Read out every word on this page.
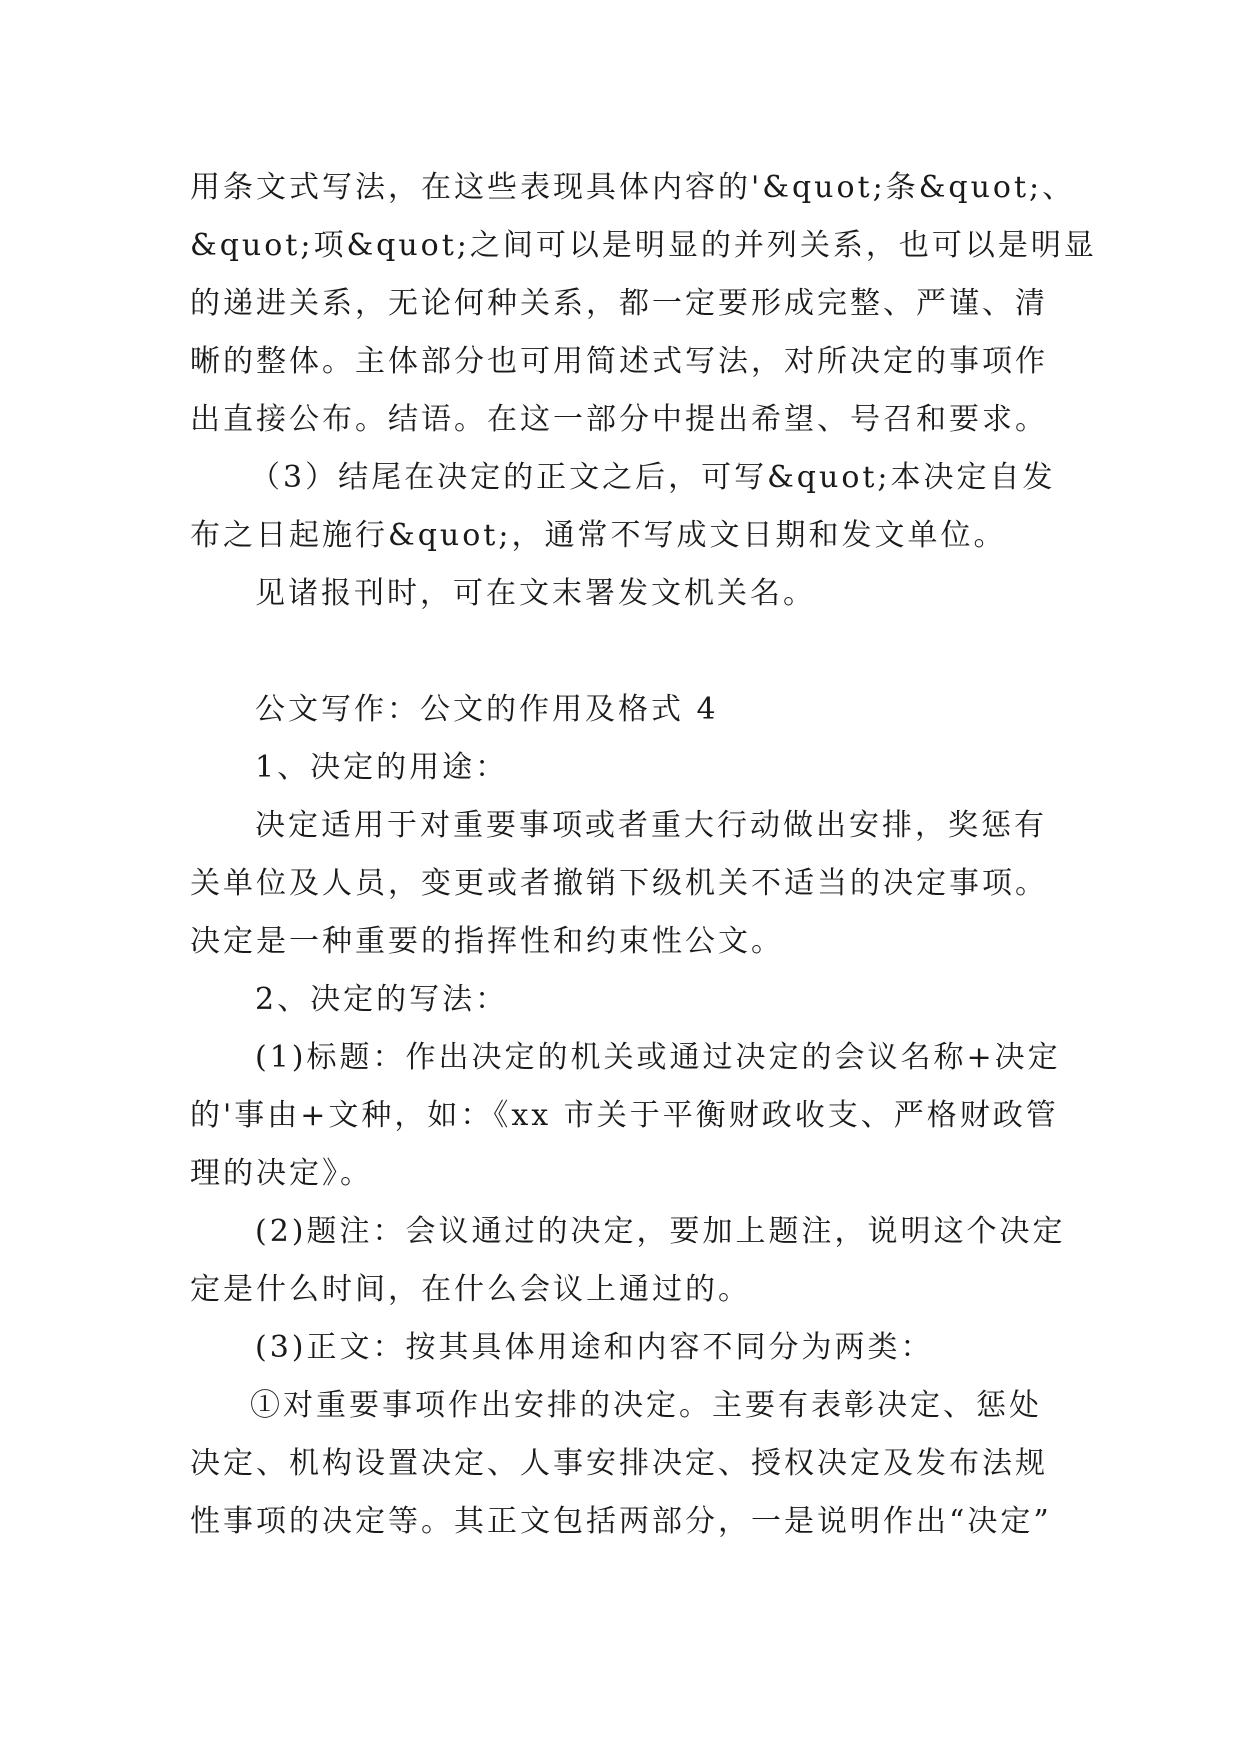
用条文式写法，在这些表现具体内容的'&quot;条&quot;、
&quot;项&quot;之间可以是明显的并列关系，也可以是明显
的递进关系，无论何种关系，都一定要形成完整、严谨、清
晰的整体。主体部分也可用简述式写法，对所决定的事项作
出直接公布。结语。在这一部分中提出希望、号召和要求。
（3）结尾在决定的正文之后，可写&quot;本决定自发
布之日起施行&quot;，通常不写成文日期和发文单位。
见诸报刊时，可在文末署发文机关名。
公文写作：公文的作用及格式 4
1、决定的用途：
决定适用于对重要事项或者重大行动做出安排，奖惩有
关单位及人员，变更或者撤销下级机关不适当的决定事项。
决定是一种重要的指挥性和约束性公文。
2、决定的写法：
(1)标题：作出决定的机关或通过决定的会议名称+决定
的'事由+文种，如：《xx 市关于平衡财政收支、严格财政管
理的决定》。
(2)题注：会议通过的决定，要加上题注，说明这个决定
定是什么时间，在什么会议上通过的。
(3)正文：按其具体用途和内容不同分为两类：
①对重要事项作出安排的决定。主要有表彰决定、惩处
决定、机构设置决定、人事安排决定、授权决定及发布法规
性事项的决定等。其正文包括两部分，一是说明作出“决定”
